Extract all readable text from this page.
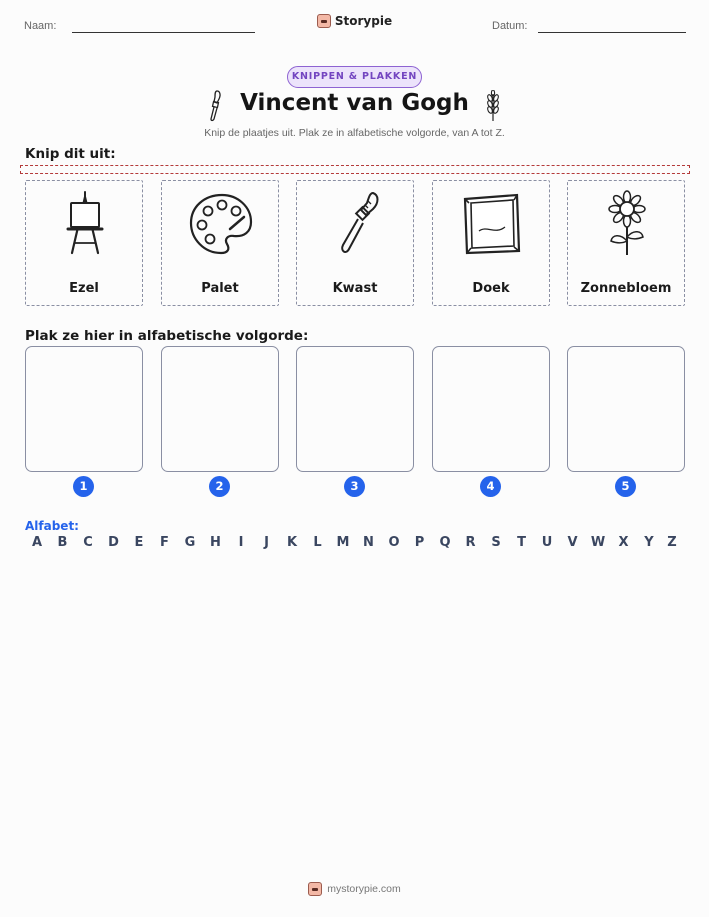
Naam:	Storypie	Datum:
KNIPPEN & PLAKKEN
Vincent van Gogh
Knip de plaatjes uit. Plak ze in alfabetische volgorde, van A tot Z.
Knip dit uit:
Ezel	Palet	Kwast	Doek	Zonnebloem
Plak ze hier in alfabetische volgorde:
1	2	3	4	5
Alfabet:
A	B	C	D	E	F	G	H	I	J	K	L	M	N	O	P	Q	R	S	T	U	V	W	X	Y	Z
mystorypie.com
